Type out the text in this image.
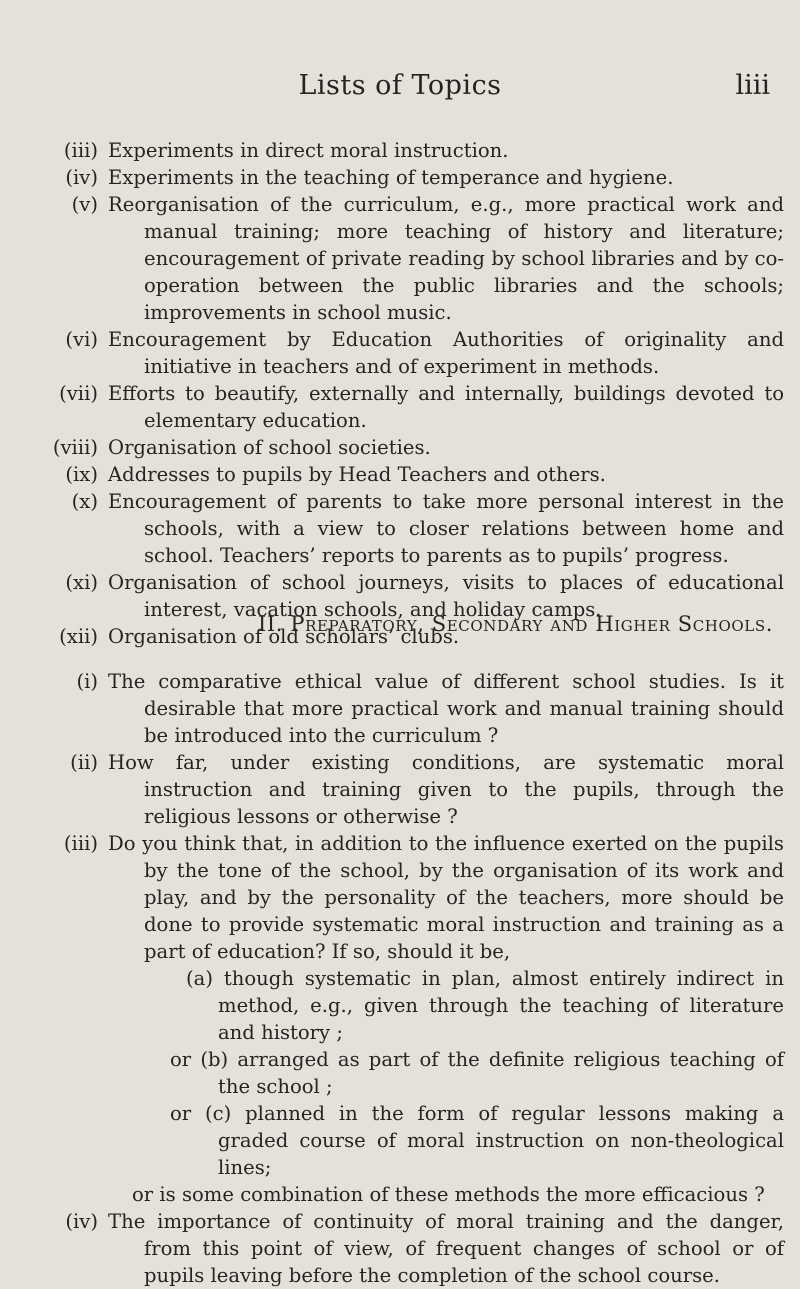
Lists of Topics	liii
(iii) Experiments in direct moral instruction.
(iv) Experiments in the teaching of temperance and hygiene.
(v) Reorganisation of the curriculum, e.g., more practical work and manual training; more teaching of history and literature; encouragement of private reading by school libraries and by co-operation between the public libraries and the schools; improvements in school music.
(vi) Encouragement by Education Authorities of originality and initiative in teachers and of experiment in methods.
(vii) Efforts to beautify, externally and internally, buildings devoted to elementary education.
(viii) Organisation of school societies.
(ix) Addresses to pupils by Head Teachers and others.
(x) Encouragement of parents to take more personal interest in the schools, with a view to closer relations between home and school. Teachers’ reports to parents as to pupils’ progress.
(xi) Organisation of school journeys, visits to places of educational interest, vacation schools, and holiday camps.
(xii) Organisation of old scholars’ clubs.
II. Preparatory, Secondary and Higher Schools.
(i) The comparative ethical value of different school studies. Is it desirable that more practical work and manual training should be introduced into the curriculum ?
(ii) How far, under existing conditions, are systematic moral instruction and training given to the pupils, through the religious lessons or otherwise ?
(iii) Do you think that, in addition to the influence exerted on the pupils by the tone of the school, by the organisation of its work and play, and by the personality of the teachers, more should be done to provide systematic moral instruction and training as a part of education? If so, should it be,
(a) though systematic in plan, almost entirely indirect in method, e.g., given through the teaching of literature and history ;
or (b) arranged as part of the definite religious teaching of the school ;
or (c) planned in the form of regular lessons making a graded course of moral instruction on non-theological lines;
or is some combination of these methods the more efficacious ?
(iv) The importance of continuity of moral training and the danger, from this point of view, of frequent changes of school or of pupils leaving before the completion of the school course.
